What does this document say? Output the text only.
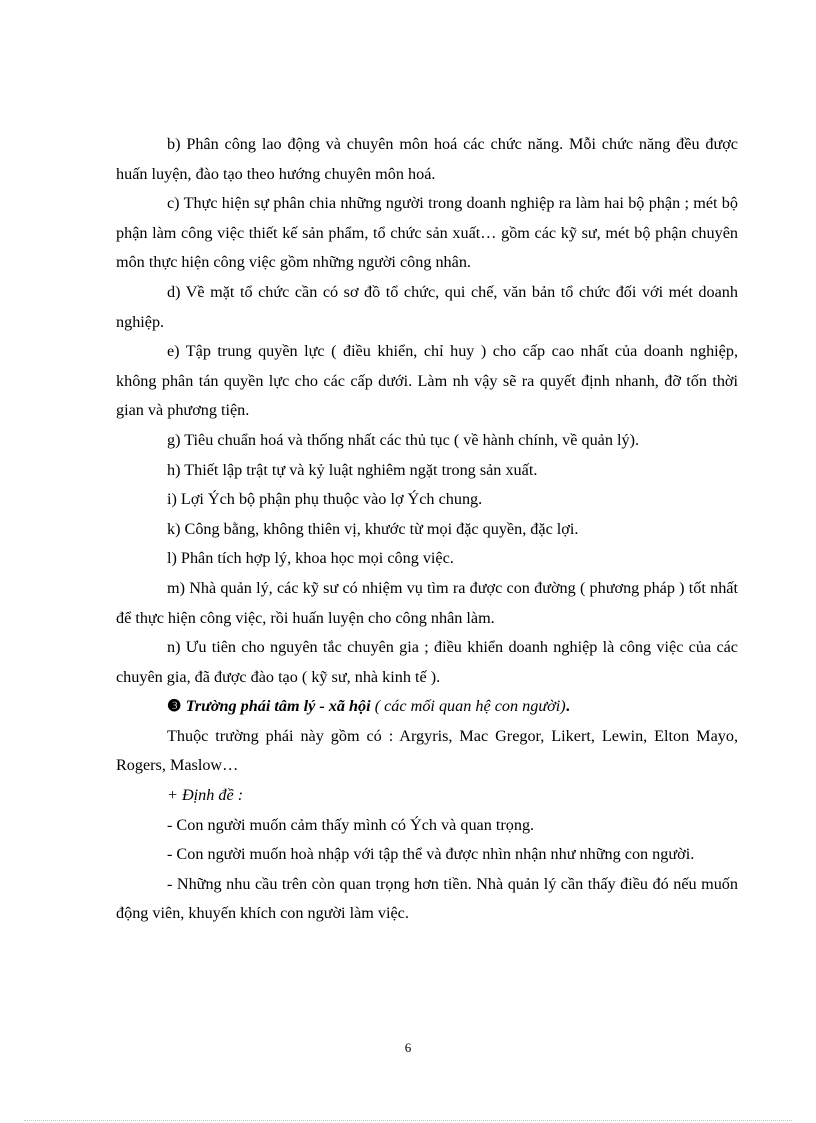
b) Phân công lao động và chuyên môn hoá các chức năng. Mỗi chức năng đều được huấn luyện, đào tạo theo hướng chuyên môn hoá.

c) Thực hiện sự phân chia những người trong doanh nghiệp ra làm hai bộ phận ; mét bộ phận làm công việc thiết kế sản phẩm, tổ chức sản xuất… gồm các kỹ sư, mét bộ phận chuyên môn thực hiện công việc gồm những người công nhân.

d) Về mặt tổ chức cần có sơ đồ tổ chức, qui chế, văn bản tổ chức đối với mét doanh nghiệp.

e) Tập trung quyền lực ( điều khiển, chỉ huy ) cho cấp cao nhất của doanh nghiệp, không phân tán quyền lực cho các cấp dưới. Làm nh vậy sẽ ra quyết định nhanh, đỡ tốn thời gian và phương tiện.

g) Tiêu chuẩn hoá và thống nhất các thủ tục ( về hành chính, về quản lý).

h) Thiết lập trật tự và kỷ luật nghiêm ngặt trong sản xuất.

i) Lợi Ých bộ phận phụ thuộc vào lợ Ých chung.

k) Công bằng, không thiên vị, khước từ mọi đặc quyền, đặc lợi.

l) Phân tích hợp lý, khoa học mọi công việc.

m) Nhà quản lý, các kỹ sư có nhiệm vụ tìm ra được con đường ( phương pháp ) tốt nhất để thực hiện công việc, rồi huấn luyện cho công nhân làm.

n) Ưu tiên cho nguyên tắc chuyên gia ; điều khiển doanh nghiệp là công việc của các chuyên gia, đã được đào tạo ( kỹ sư, nhà kinh tế ).

❸ Trường phái tâm lý - xã hội ( các mối quan hệ con người).

Thuộc trường phái này gồm có : Argyris, Mac Gregor, Likert, Lewin, Elton Mayo, Rogers, Maslow…

+ Định đề :

- Con người muốn cảm thấy mình có Ých và quan trọng.

- Con người muốn hoà nhập với tập thể và được nhìn nhận như những con người.

- Những nhu cầu trên còn quan trọng hơn tiền. Nhà quản lý cần thấy điều đó nếu muốn động viên, khuyến khích con người làm việc.

6
